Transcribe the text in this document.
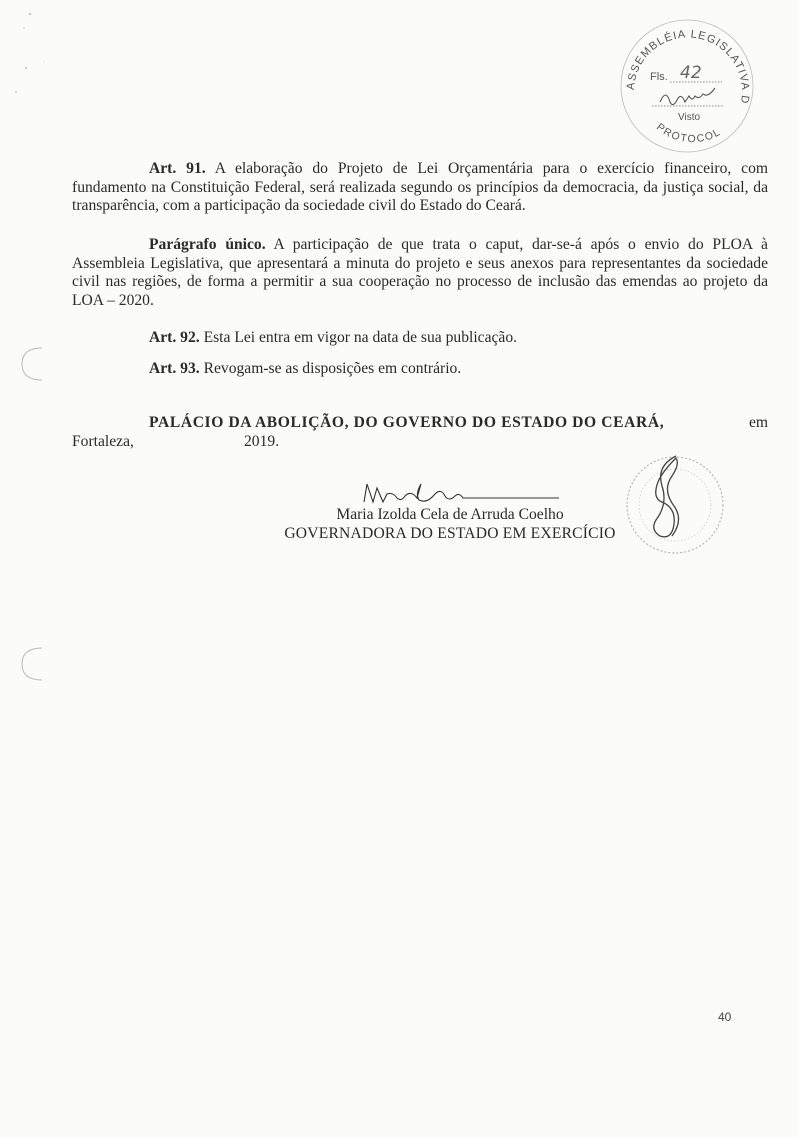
ASSEMBLÉIA LEGISLATIVA D
PROTOCOL
Fls. 42
Visto

Art. 91. A elaboração do Projeto de Lei Orçamentária para o exercício financeiro, com fundamento na Constituição Federal, será realizada segundo os princípios da democracia, da justiça social, da transparência, com a participação da sociedade civil do Estado do Ceará.

Parágrafo único. A participação de que trata o caput, dar-se-á após o envio do PLOA à Assembleia Legislativa, que apresentará a minuta do projeto e seus anexos para representantes da sociedade civil nas regiões, de forma a permitir a sua cooperação no processo de inclusão das emendas ao projeto da LOA – 2020.

Art. 92. Esta Lei entra em vigor na data de sua publicação.

Art. 93. Revogam-se as disposições em contrário.

PALÁCIO DA ABOLIÇÃO, DO GOVERNO DO ESTADO DO CEARÁ,	em
Fortaleza,	2019.
Maria Izolda Cela de Arruda Coelho
GOVERNADORA DO ESTADO EM EXERCÍCIO
40
